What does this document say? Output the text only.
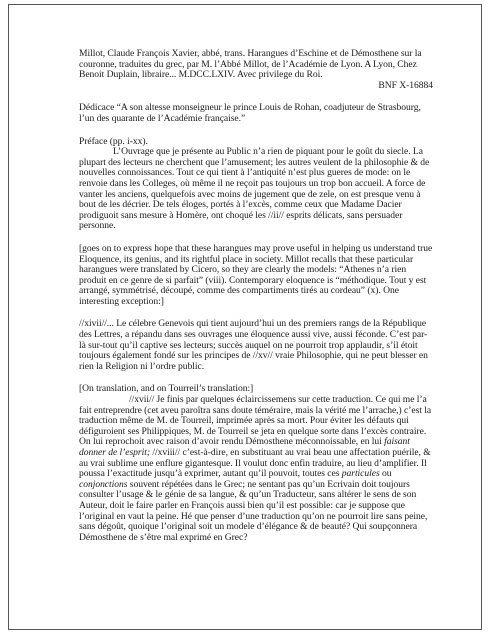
Millot, Claude François Xavier, abbé, trans. Harangues d’Eschine et de Démosthene sur la couronne, traduites du grec, par M. l’Abbé Millot, de l’Académie de Lyon. A Lyon, Chez Benoit Duplain, libraire... M.DCC.LXIV. Avec privilege du Roi.

BNF X-16884

Dédicace “A son altesse monseigneur le prince Louis de Rohan, coadjuteur de Strasbourg, l’un des quarante de l’Académie française.”

Préface (pp. i-xx).

L’Ouvrage que je présente au Public n’a rien de piquant pour le goût du siecle. La plupart des lecteurs ne cherchent que l’amusement; les autres veulent de la philosophie & de nouvelles connoissances. Tout ce qui tient à l’antiquité n’est plus gueres de mode: on le renvoie dans les Colleges, où même il ne reçoit pas toujours un trop bon accueil. A force de vanter les anciens, quelquefois avec moins de jugement que de zele, on est presque venu à bout de les décrier. De tels éloges, portés à l’excès, comme ceux que Madame Dacier prodiguoit sans mesure à Homère, ont choqué les //ii// esprits délicats, sans persuader personne.

[goes on to express hope that these harangues may prove useful in helping us understand true Eloquence, its genius, and its rightful place in society. Millot recalls that these particular harangues were translated by Cicero, so they are clearly the models: “Athenes n’a rien produit en ce genre de si parfait” (viii). Contemporary eloquence is “méthodique. Tout y est arrangé, symmétrisé, découpé, comme des compartiments tirés au cordeau” (x). One interesting exception:]

//xivii//... Le célebre Genevois qui tient aujourd’hui un des premiers rangs de la République des Lettres, a répandu dans ses ouvrages une éloquence aussi vive, aussi féconde. C’est par-là sur-tout qu’il captive ses lecteurs; succès auquel on ne pourroit trop applaudir, s’il étoit toujours également fondé sur les principes de //xv// vraie Philosophie, qui ne peut blesser en rien la Religion ni l’ordre public.

[On translation, and on Tourreil’s translation:]

//xvii// Je finis par quelques éclaircissemens sur cette traduction. Ce qui me l’a fait entreprendre (cet aveu paroîtra sans doute téméraire, mais la vérité me l’arrache,) c’est la traduction même de M. de Tourreil, imprimée après sa mort. Pour éviter les défauts qui défiguroient ses Philippiques, M. de Tourreil se jeta en quelque sorte dans l’excès contraire. On lui reprochoit avec raison d’avoir rendu Démosthene méconnoissable, en lui faisant donner de l’esprit; //xviii// c’est-à-dire, en substituant au vrai beau une affectation puérile, & au vrai sublime une enflure gigantesque. Il voulut donc enfin traduire, au lieu d’amplifier. Il poussa l’exactitude jusqu’à exprimer, autant qu’il pouvoit, toutes ces particules ou conjonctions souvent répétées dans le Grec; ne sentant pas qu’un Ecrivain doit toujours consulter l’usage & le génie de sa langue, & qu’un Traducteur, sans altérer le sens de son Auteur, doit le faire parler en François aussi bien qu’il est possible: car je suppose que l’original en vaut la peine. Hé que penser d’une traduction qu’on ne pourroit lire sans peine, sans dégoût, quoique l’original soit un modele d’élégance & de beauté? Qui soupçonnera Démosthene de s’être mal exprimé en Grec?
